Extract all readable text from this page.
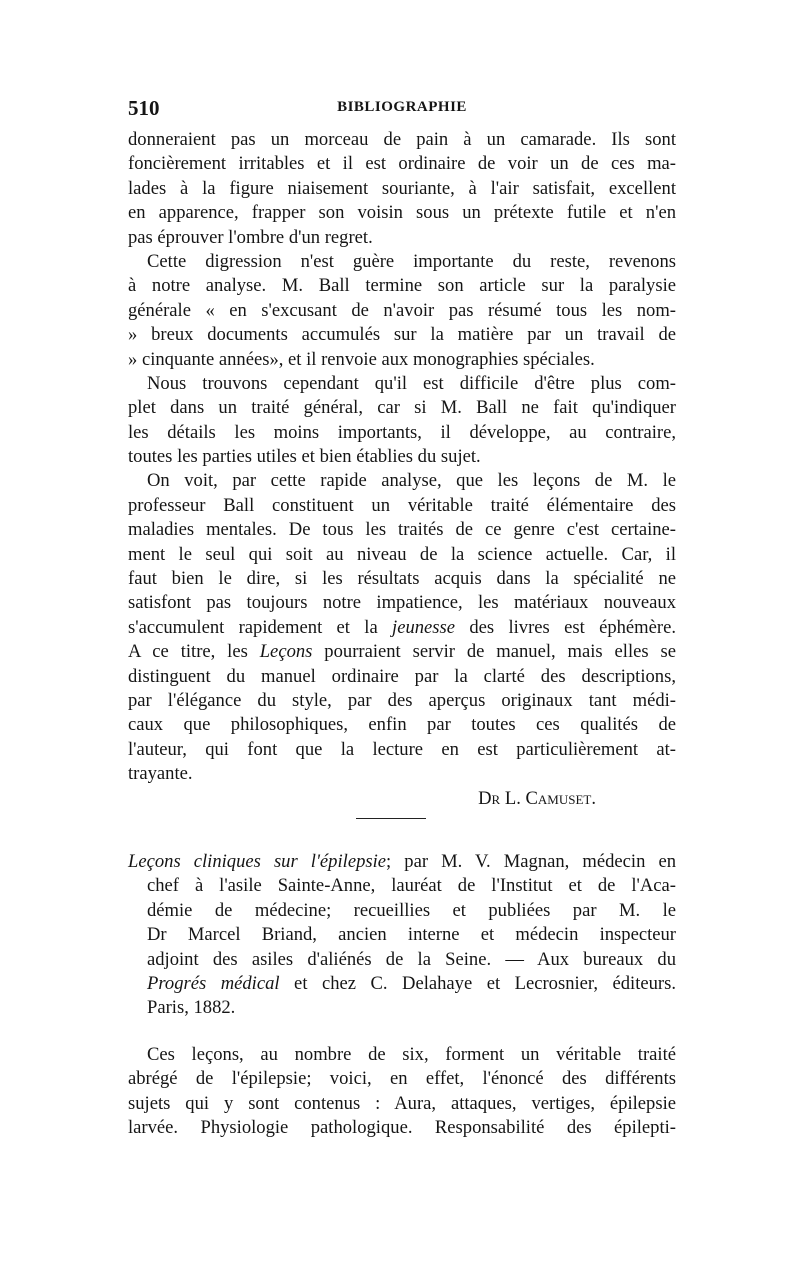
510	BIBLIOGRAPHIE
donneraient pas un morceau de pain à un camarade. Ils sont
foncièrement irritables et il est ordinaire de voir un de ces ma-
lades à la figure niaisement souriante, à l'air satisfait, excellent
en apparence, frapper son voisin sous un prétexte futile et n'en
pas éprouver l'ombre d'un regret.
Cette digression n'est guère importante du reste, revenons
à notre analyse. M. Ball termine son article sur la paralysie
générale « en s'excusant de n'avoir pas résumé tous les nom-
» breux documents accumulés sur la matière par un travail de
» cinquante années», et il renvoie aux monographies spéciales.
Nous trouvons cependant qu'il est difficile d'être plus com-
plet dans un traité général, car si M. Ball ne fait qu'indiquer
les détails les moins importants, il développe, au contraire,
toutes les parties utiles et bien établies du sujet.
On voit, par cette rapide analyse, que les leçons de M. le
professeur Ball constituent un véritable traité élémentaire des
maladies mentales. De tous les traités de ce genre c'est certaine-
ment le seul qui soit au niveau de la science actuelle. Car, il
faut bien le dire, si les résultats acquis dans la spécialité ne
satisfont pas toujours notre impatience, les matériaux nouveaux
s'accumulent rapidement et la jeunesse des livres est éphémère.
A ce titre, les Leçons pourraient servir de manuel, mais elles se
distinguent du manuel ordinaire par la clarté des descriptions,
par l'élégance du style, par des aperçus originaux tant médi-
caux que philosophiques, enfin par toutes ces qualités de
l'auteur, qui font que la lecture en est particulièrement at-
trayante.
Dr L. Camuset.
Leçons cliniques sur l'épilepsie; par M. V. Magnan, médecin en
chef à l'asile Sainte-Anne, lauréat de l'Institut et de l'Aca-
démie de médecine; recueillies et publiées par M. le
Dr Marcel Briand, ancien interne et médecin inspecteur
adjoint des asiles d'aliénés de la Seine. — Aux bureaux du
Progrés médical et chez C. Delahaye et Lecrosnier, éditeurs.
Paris, 1882.
Ces leçons, au nombre de six, forment un véritable traité
abrégé de l'épilepsie; voici, en effet, l'énoncé des différents
sujets qui y sont contenus : Aura, attaques, vertiges, épilepsie
larvée. Physiologie pathologique. Responsabilité des épilepti-
